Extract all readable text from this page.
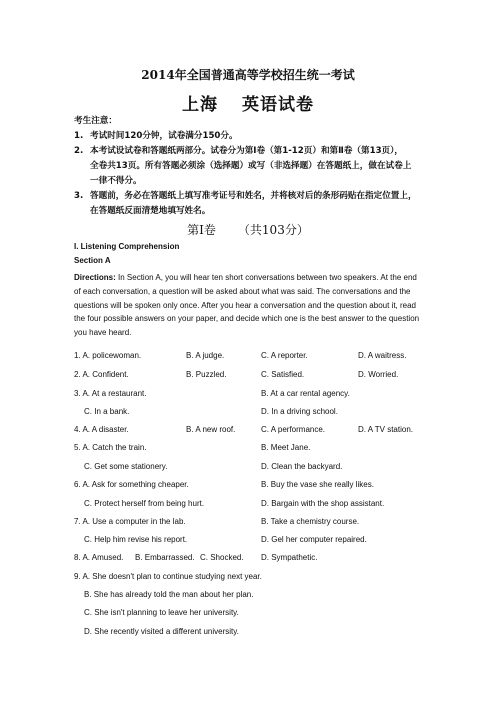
2014年全国普通高等学校招生统一考试
上海 英语试卷
考生注意：
1. 考试时间120分钟，试卷满分150分。
2. 本考试设试卷和答题纸两部分。试卷分为第Ⅰ卷（第1-12页）和第Ⅱ卷（第13页），
全卷共13页。所有答题必须涂（选择题）或写（非选择题）在答题纸上，做在试卷上
一律不得分。
3. 答题前，务必在答题纸上填写准考证号和姓名，并将核对后的条形码贴在指定位置上，
在答题纸反面清楚地填写姓名。
第Ⅰ卷 （共103分）
I. Listening Comprehension
Section A
Directions: In Section A, you will hear ten short conversations between two speakers. At the end
of each conversation, a question will be asked about what was said. The conversations and the
questions will be spoken only once. After you hear a conversation and the question about it, read
the four possible answers on your paper, and decide which one is the best answer to the question
you have heard.
1. A. policewoman.	B. A judge.	C. A reporter.	D. A waitress.
2. A. Confident.	B. Puzzled.	C. Satisfied.	D. Worried.
3. A. At a restaurant.	B. At a car rental agency.
C. In a bank.	D. In a driving school.
4. A. A disaster.	B. A new roof.	C. A performance.	D. A TV station.
5. A. Catch the train.	B. Meet Jane.
C. Get some stationery.	D. Clean the backyard.
6. A. Ask for something cheaper.	B. Buy the vase she really likes.
C. Protect herself from being hurt.	D. Bargain with the shop assistant.
7. A. Use a computer in the lab.	B. Take a chemistry course.
C. Help him revise his report.	D. Gel her computer repaired.
8. A. Amused. B. Embarrassed. C. Shocked. D. Sympathetic.
9. A. She doesn't plan to continue studying next year.
B. She has already told the man about her plan.
C. She isn't planning to leave her university.
D. She recently visited a different university.
